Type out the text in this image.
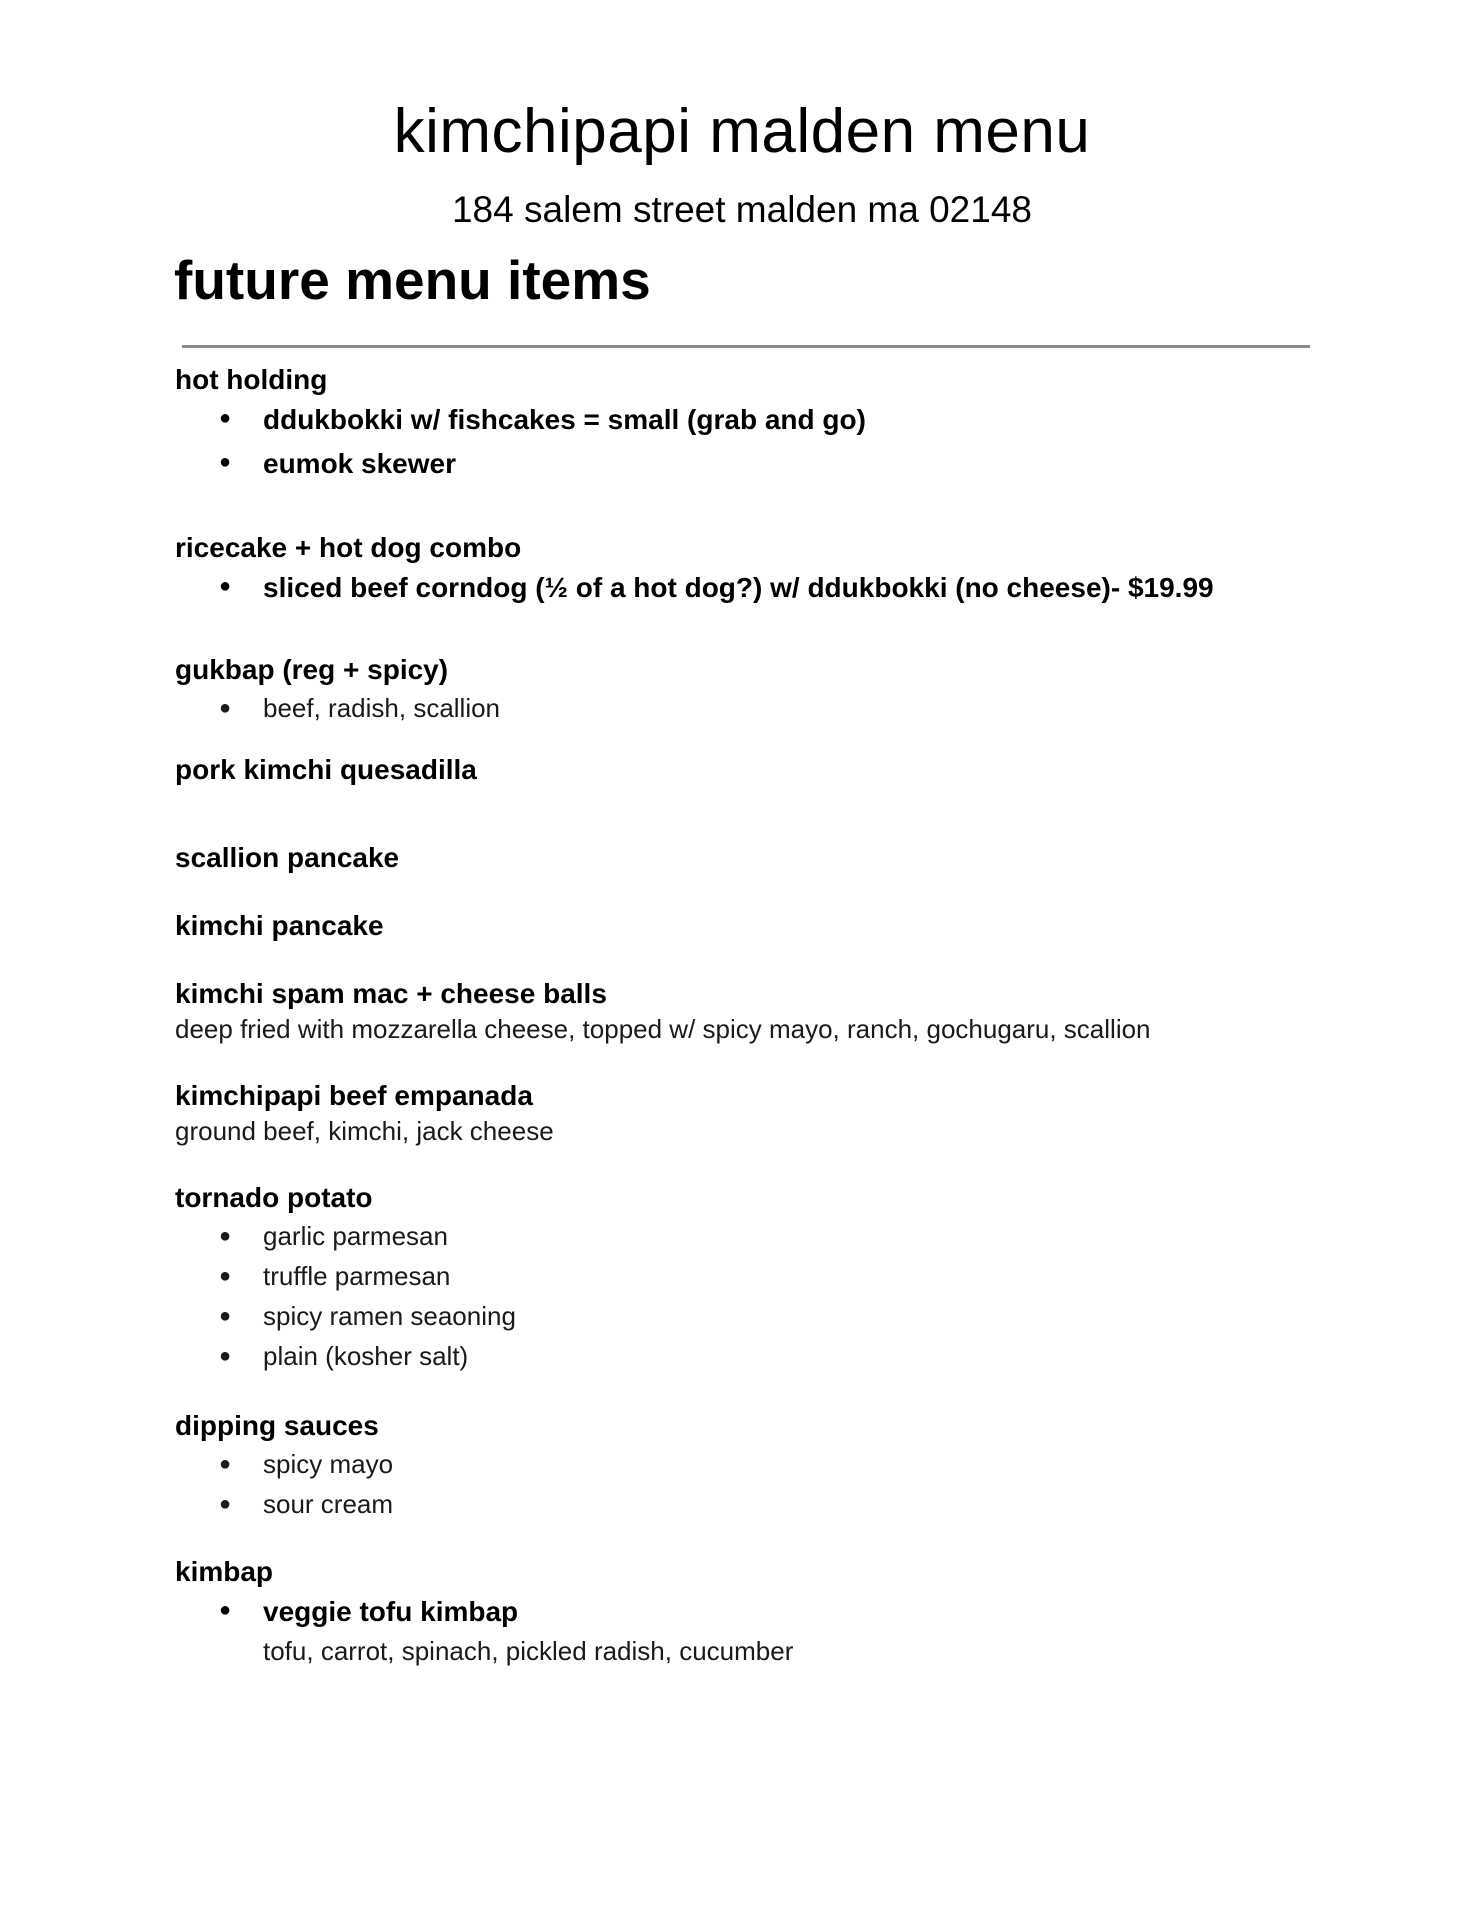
kimchipapi malden menu
184 salem street malden ma 02148
future menu items
hot holding
● ddukbokki w/ fishcakes = small (grab and go)
● eumok skewer
ricecake + hot dog combo
● sliced beef corndog (½ of a hot dog?) w/ ddukbokki (no cheese)- $19.99
gukbap (reg + spicy)
● beef, radish, scallion
pork kimchi quesadilla
scallion pancake
kimchi pancake
kimchi spam mac + cheese balls
deep fried with mozzarella cheese, topped w/ spicy mayo, ranch, gochugaru, scallion
kimchipapi beef empanada
ground beef, kimchi, jack cheese
tornado potato
● garlic parmesan
● truffle parmesan
● spicy ramen seaoning
● plain (kosher salt)
dipping sauces
● spicy mayo
● sour cream
kimbap
● veggie tofu kimbap
tofu, carrot, spinach, pickled radish, cucumber
